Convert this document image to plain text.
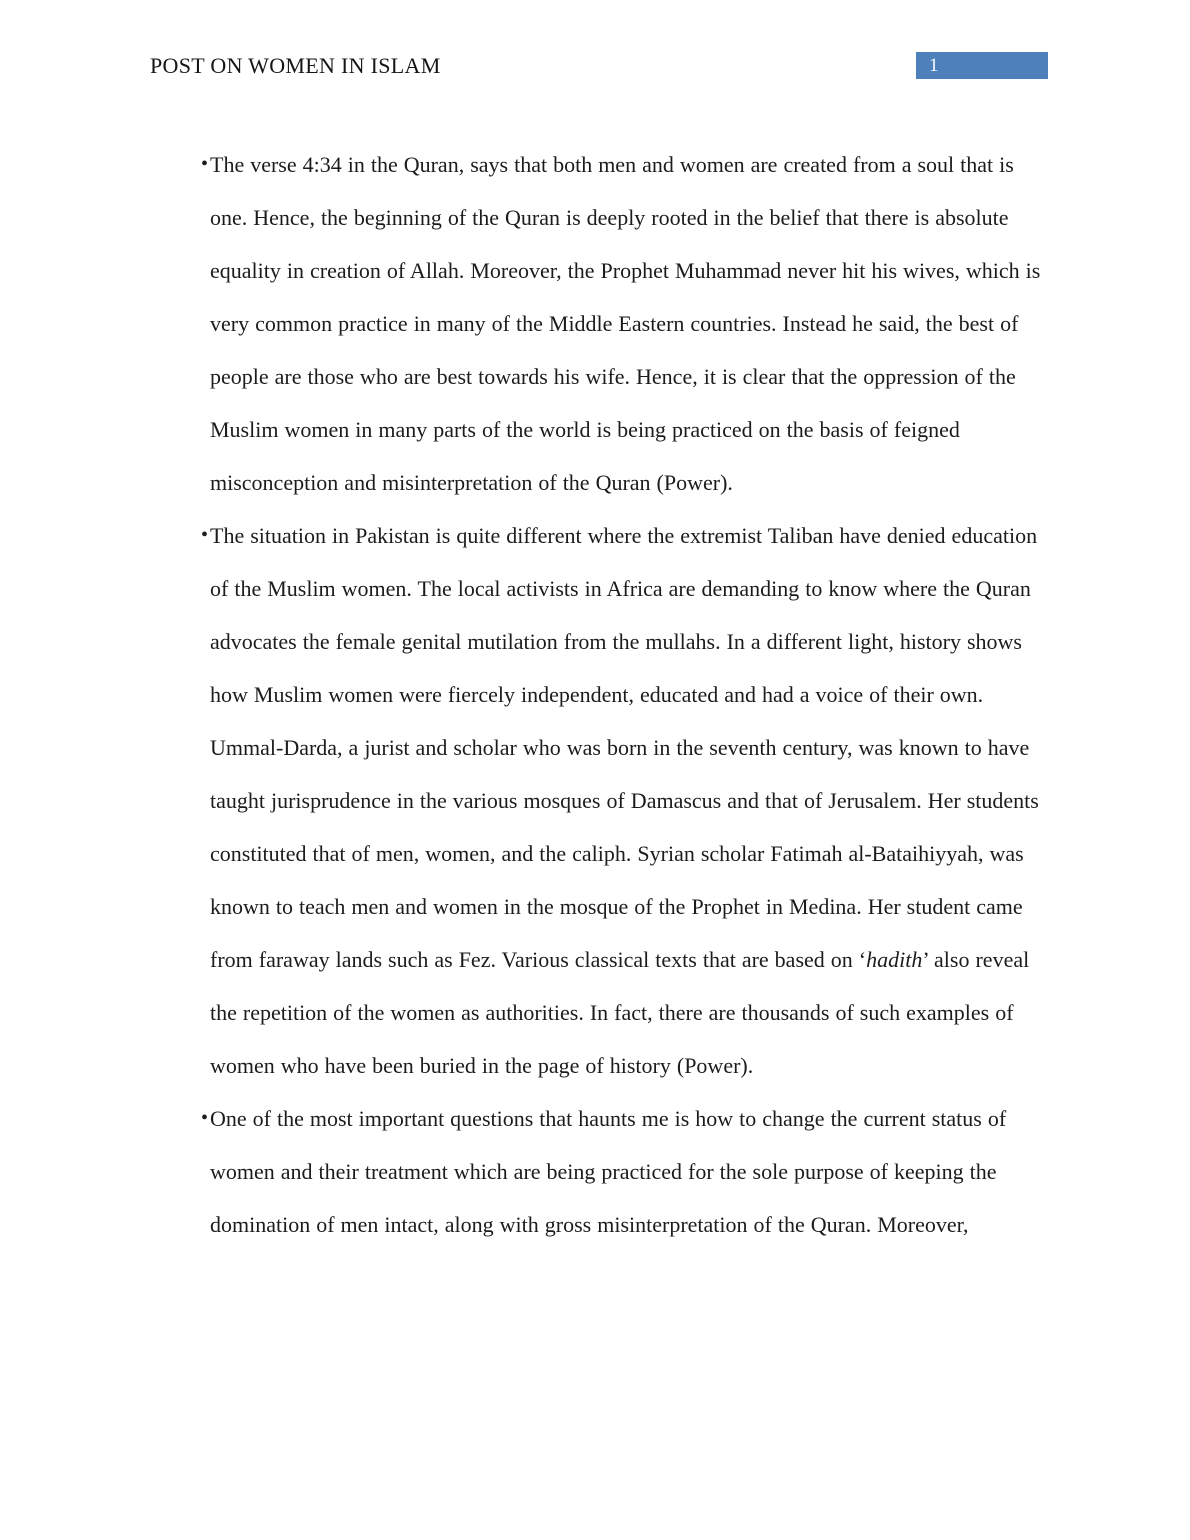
POST ON WOMEN IN ISLAM	1
• The verse 4:34 in the Quran, says that both men and women are created from a soul that is one. Hence, the beginning of the Quran is deeply rooted in the belief that there is absolute equality in creation of Allah. Moreover, the Prophet Muhammad never hit his wives, which is very common practice in many of the Middle Eastern countries. Instead he said, the best of people are those who are best towards his wife. Hence, it is clear that the oppression of the Muslim women in many parts of the world is being practiced on the basis of feigned misconception and misinterpretation of the Quran (Power).

• The situation in Pakistan is quite different where the extremist Taliban have denied education of the Muslim women. The local activists in Africa are demanding to know where the Quran advocates the female genital mutilation from the mullahs. In a different light, history shows how Muslim women were fiercely independent, educated and had a voice of their own. Ummal-Darda, a jurist and scholar who was born in the seventh century, was known to have taught jurisprudence in the various mosques of Damascus and that of Jerusalem. Her students constituted that of men, women, and the caliph. Syrian scholar Fatimah al-Bataihiyyah, was known to teach men and women in the mosque of the Prophet in Medina. Her student came from faraway lands such as Fez. Various classical texts that are based on ‘hadith’ also reveal the repetition of the women as authorities. In fact, there are thousands of such examples of women who have been buried in the page of history (Power).

• One of the most important questions that haunts me is how to change the current status of women and their treatment which are being practiced for the sole purpose of keeping the domination of men intact, along with gross misinterpretation of the Quran. Moreover,
